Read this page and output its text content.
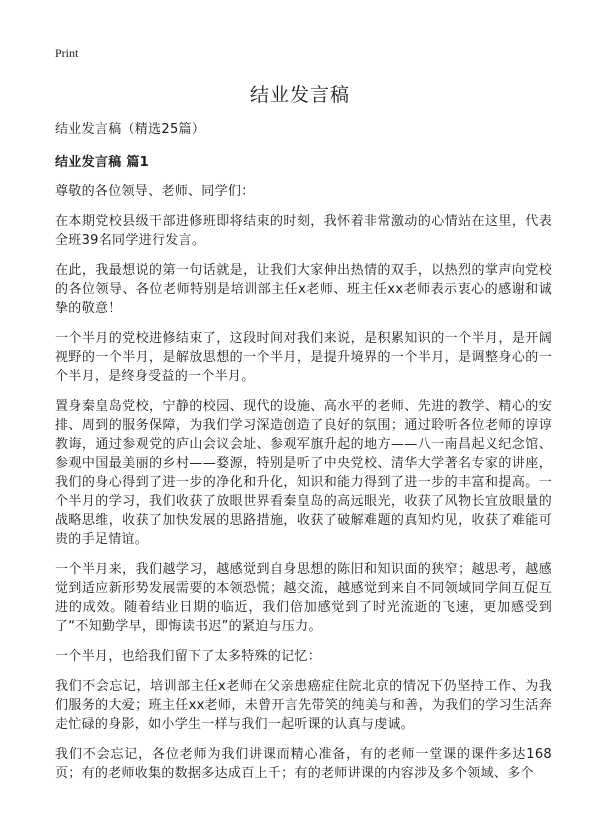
Print
结业发言稿

结业发言稿（精选25篇）

结业发言稿 篇1

尊敬的各位领导、老师、同学们：

在本期党校县级干部进修班即将结束的时刻，我怀着非常激动的心情站在这里，代表全班39名同学进行发言。

在此，我最想说的第一句话就是，让我们大家伸出热情的双手，以热烈的掌声向党校的各位领导、各位老师特别是培训部主任x老师、班主任xx老师表示衷心的感谢和诚挚的敬意！

一个半月的党校进修结束了，这段时间对我们来说，是积累知识的一个半月，是开阔视野的一个半月，是解放思想的一个半月，是提升境界的一个半月，是调整身心的一个半月，是终身受益的一个半月。

置身秦皇岛党校，宁静的校园、现代的设施、高水平的老师、先进的教学、精心的安排、周到的服务保障，为我们学习深造创造了良好的氛围；通过聆听各位老师的谆谆教诲，通过参观党的庐山会议会址、参观军旗升起的地方——八一南昌起义纪念馆、参观中国最美丽的乡村——婺源，特别是听了中央党校、清华大学著名专家的讲座，我们的身心得到了进一步的净化和升化，知识和能力得到了进一步的丰富和提高。一个半月的学习，我们收获了放眼世界看秦皇岛的高远眼光，收获了风物长宜放眼量的战略思维，收获了加快发展的思路措施，收获了破解难题的真知灼见，收获了难能可贵的手足情谊。

一个半月来，我们越学习，越感觉到自身思想的陈旧和知识面的狭窄；越思考，越感觉到适应新形势发展需要的本领恐慌；越交流，越感觉到来自不同领域同学间互促互进的成效。随着结业日期的临近，我们倍加感觉到了时光流逝的飞速，更加感受到了“不知勤学早，即悔读书迟”的紧迫与压力。

一个半月，也给我们留下了太多特殊的记忆：

我们不会忘记，培训部主任x老师在父亲患癌症住院北京的情况下仍坚持工作、为我们服务的大爱；班主任xx老师，未曾开言先带笑的纯美与和善，为我们的学习生活奔走忙碌的身影，如小学生一样与我们一起听课的认真与虔诚。

我们不会忘记，各位老师为我们讲课而精心准备，有的老师一堂课的课件多达168页；有的老师收集的数据多达成百上千；有的老师讲课的内容涉及多个领域、多个
